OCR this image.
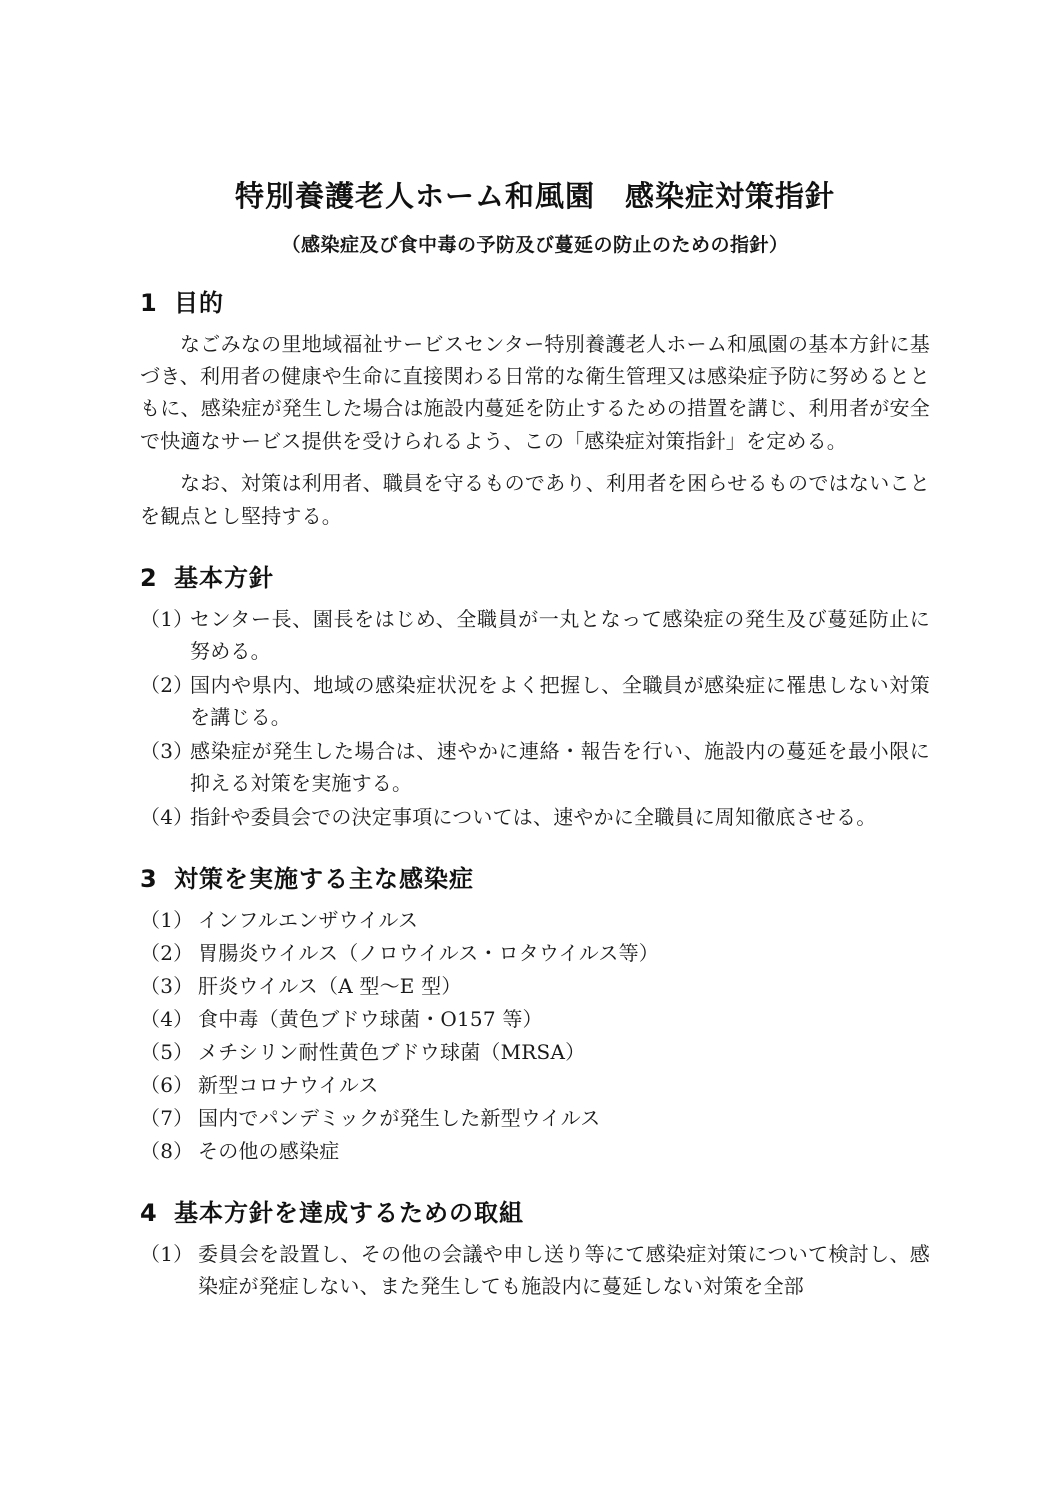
特別養護老人ホーム和風園　感染症対策指針
（感染症及び食中毒の予防及び蔓延の防止のための指針）
1 目的
なごみなの里地域福祉サービスセンター特別養護老人ホーム和風園の基本方針に基づき、利用者の健康や生命に直接関わる日常的な衛生管理又は感染症予防に努めるとともに、感染症が発生した場合は施設内蔓延を防止するための措置を講じ、利用者が安全で快適なサービス提供を受けられるよう、この「感染症対策指針」を定める。
なお、対策は利用者、職員を守るものであり、利用者を困らせるものではないことを観点とし堅持する。
2 基本方針
（1）
センター長、園長をはじめ、全職員が一丸となって感染症の発生及び蔓延防止に努める。
（2）
国内や県内、地域の感染症状況をよく把握し、全職員が感染症に罹患しない対策を講じる。
（3）
感染症が発生した場合は、速やかに連絡・報告を行い、施設内の蔓延を最小限に抑える対策を実施する。
（4）
指針や委員会での決定事項については、速やかに全職員に周知徹底させる。
3 対策を実施する主な感染症
（1） インフルエンザウイルス
（2） 胃腸炎ウイルス（ノロウイルス・ロタウイルス等）
（3） 肝炎ウイルス（A 型〜E 型）
（4） 食中毒（黄色ブドウ球菌・O157 等）
（5） メチシリン耐性黄色ブドウ球菌（MRSA）
（6） 新型コロナウイルス
（7） 国内でパンデミックが発生した新型ウイルス
（8） その他の感染症
4 基本方針を達成するための取組
（1） 委員会を設置し、その他の会議や申し送り等にて感染症対策について検討し、感染症が発症しない、また発生しても施設内に蔓延しない対策を全部
